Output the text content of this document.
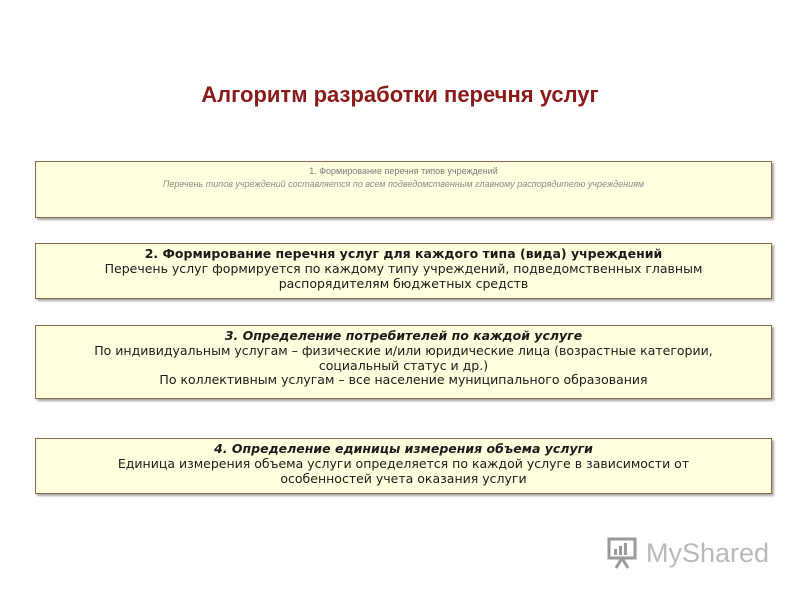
Алгоритм разработки перечня услуг
1. Формирование перечня типов учреждений
Перечень типов учреждений составляется по всем подведомственным главному распорядителю учреждениям
2. Формирование перечня услуг для каждого типа (вида) учреждений
Перечень услуг формируется по каждому типу учреждений, подведомственных главным распорядителям бюджетных средств
3. Определение потребителей по каждой услуге
По индивидуальным услугам – физические и/или юридические лица (возрастные категории, социальный статус и др.)
По коллективным услугам – все население муниципального образования
4. Определение единицы измерения объема услуги
Единица измерения объема услуги определяется по каждой услуге в зависимости от особенностей учета оказания услуги
MyShared
